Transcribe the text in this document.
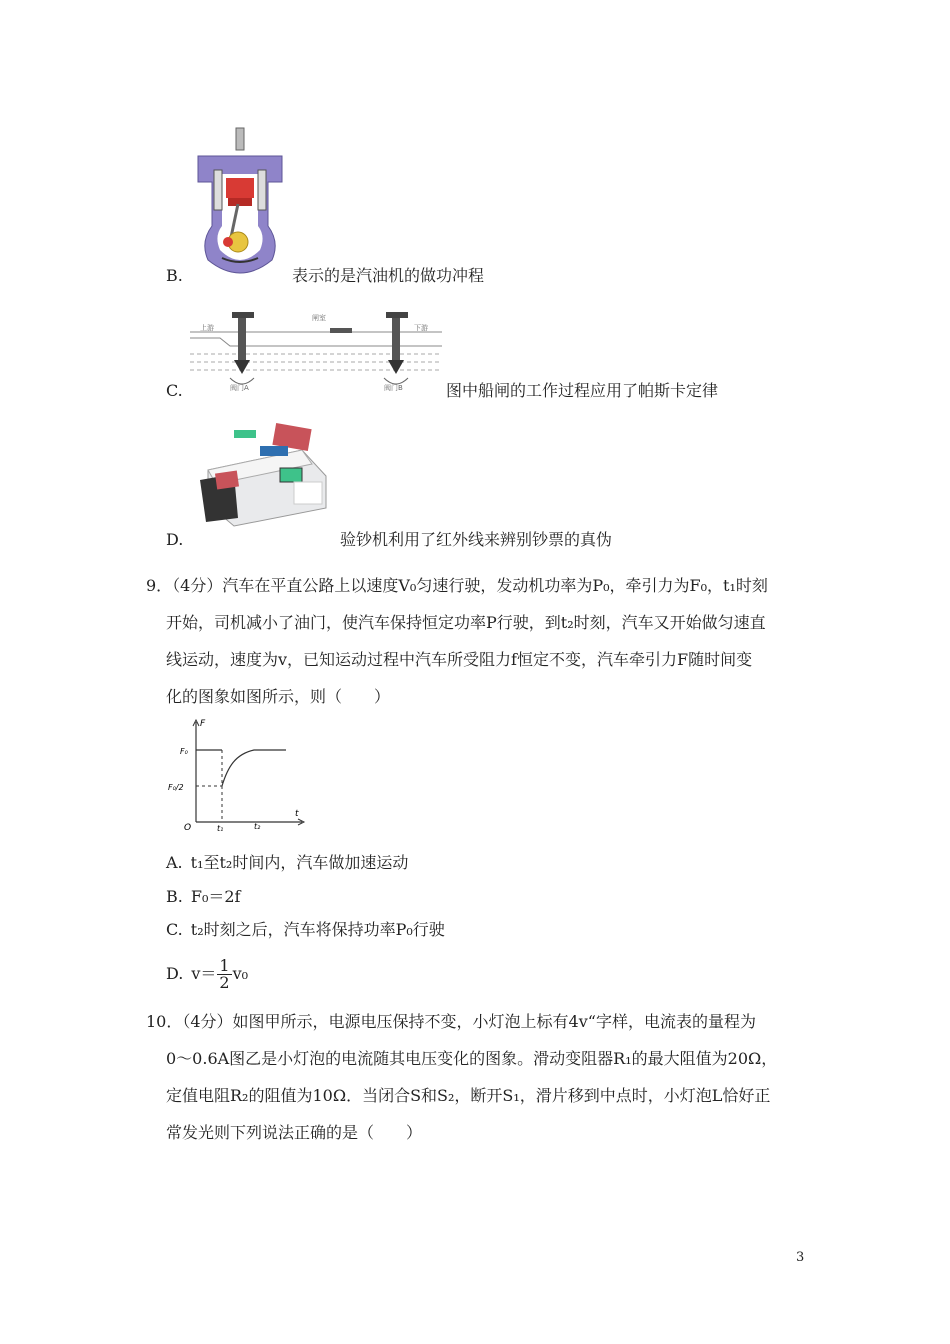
B.	表示的是汽油机的做功冲程
上游
闸室
下游
阀门A	阀门B
C.	图中船闸的工作过程应用了帕斯卡定律
D.	验钞机利用了红外线来辨别钞票的真伪
9．（4分）汽车在平直公路上以速度V₀匀速行驶，发动机功率为P₀，牵引力为F₀，t₁时刻
开始，司机减小了油门，使汽车保持恒定功率P行驶，到t₂时刻，汽车又开始做匀速直
线运动，速度为v，已知运动过程中汽车所受阻力f恒定不变，汽车牵引力F随时间变
化的图象如图所示，则（　　）
F
t
O
F₀
F₀/2
t₁	t₂
A. t₁至t₂时间内，汽车做加速运动
B. F₀＝2f
C. t₂时刻之后，汽车将保持功率P₀行驶
D. $v= \frac{1}{2} v_0$
10．（4分）如图甲所示，电源电压保持不变，小灯泡上标有4v“字样，电流表的量程为
0～0.6A图乙是小灯泡的电流随其电压变化的图象。滑动变阻器R₁的最大阻值为20Ω，
定值电阻R₂的阻值为10Ω．当闭合S和S₂，断开S₁，滑片移到中点时，小灯泡L恰好正
常发光则下列说法正确的是（　　）
3
